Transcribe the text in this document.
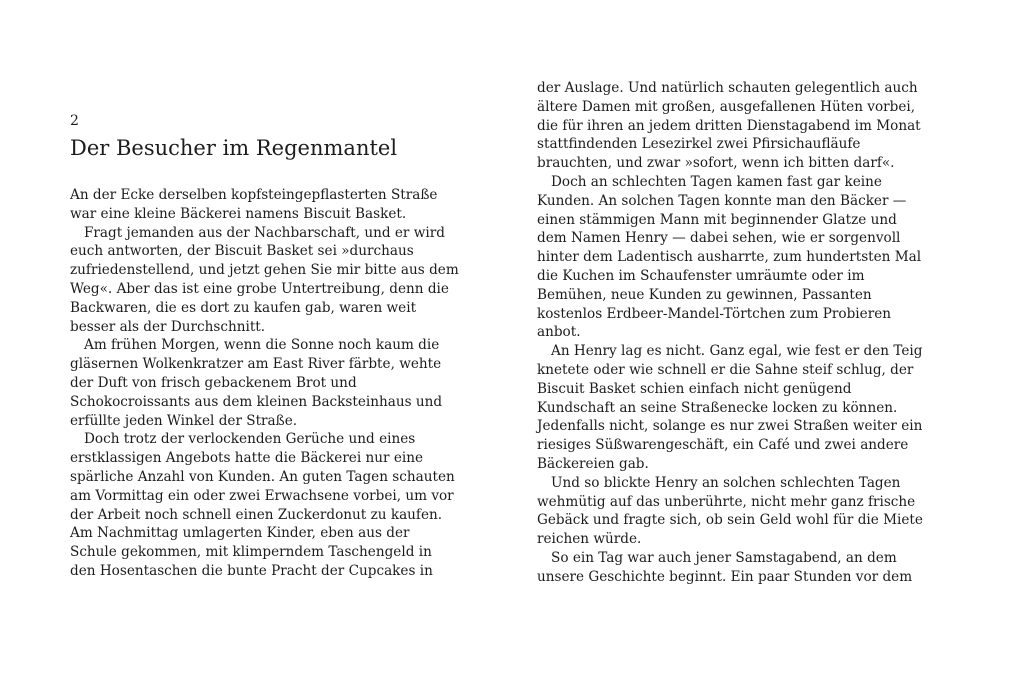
2
Der Besucher im Regenmantel
An der Ecke derselben kopfsteingepflasterten Straße
war eine kleine Bäckerei namens Biscuit Basket.
Fragt jemanden aus der Nachbarschaft, und er wird
euch antworten, der Biscuit Basket sei »durchaus
zufriedenstellend, und jetzt gehen Sie mir bitte aus dem
Weg«. Aber das ist eine grobe Untertreibung, denn die
Backwaren, die es dort zu kaufen gab, waren weit
besser als der Durchschnitt.
Am frühen Morgen, wenn die Sonne noch kaum die
gläsernen Wolkenkratzer am East River färbte, wehte
der Duft von frisch gebackenem Brot und
Schokocroissants aus dem kleinen Backsteinhaus und
erfüllte jeden Winkel der Straße.
Doch trotz der verlockenden Gerüche und eines
erstklassigen Angebots hatte die Bäckerei nur eine
spärliche Anzahl von Kunden. An guten Tagen schauten
am Vormittag ein oder zwei Erwachsene vorbei, um vor
der Arbeit noch schnell einen Zuckerdonut zu kaufen.
Am Nachmittag umlagerten Kinder, eben aus der
Schule gekommen, mit klimperndem Taschengeld in
den Hosentaschen die bunte Pracht der Cupcakes in
der Auslage. Und natürlich schauten gelegentlich auch
ältere Damen mit großen, ausgefallenen Hüten vorbei,
die für ihren an jedem dritten Dienstagabend im Monat
stattfindenden Lesezirkel zwei Pfirsichaufläufe
brauchten, und zwar »sofort, wenn ich bitten darf«.
Doch an schlechten Tagen kamen fast gar keine
Kunden. An solchen Tagen konnte man den Bäcker —
einen stämmigen Mann mit beginnender Glatze und
dem Namen Henry — dabei sehen, wie er sorgenvoll
hinter dem Ladentisch ausharrte, zum hundertsten Mal
die Kuchen im Schaufenster umräumte oder im
Bemühen, neue Kunden zu gewinnen, Passanten
kostenlos Erdbeer-Mandel-Törtchen zum Probieren
anbot.
An Henry lag es nicht. Ganz egal, wie fest er den Teig
knetete oder wie schnell er die Sahne steif schlug, der
Biscuit Basket schien einfach nicht genügend
Kundschaft an seine Straßenecke locken zu können.
Jedenfalls nicht, solange es nur zwei Straßen weiter ein
riesiges Süßwarengeschäft, ein Café und zwei andere
Bäckereien gab.
Und so blickte Henry an solchen schlechten Tagen
wehmütig auf das unberührte, nicht mehr ganz frische
Gebäck und fragte sich, ob sein Geld wohl für die Miete
reichen würde.
So ein Tag war auch jener Samstagabend, an dem
unsere Geschichte beginnt. Ein paar Stunden vor dem
